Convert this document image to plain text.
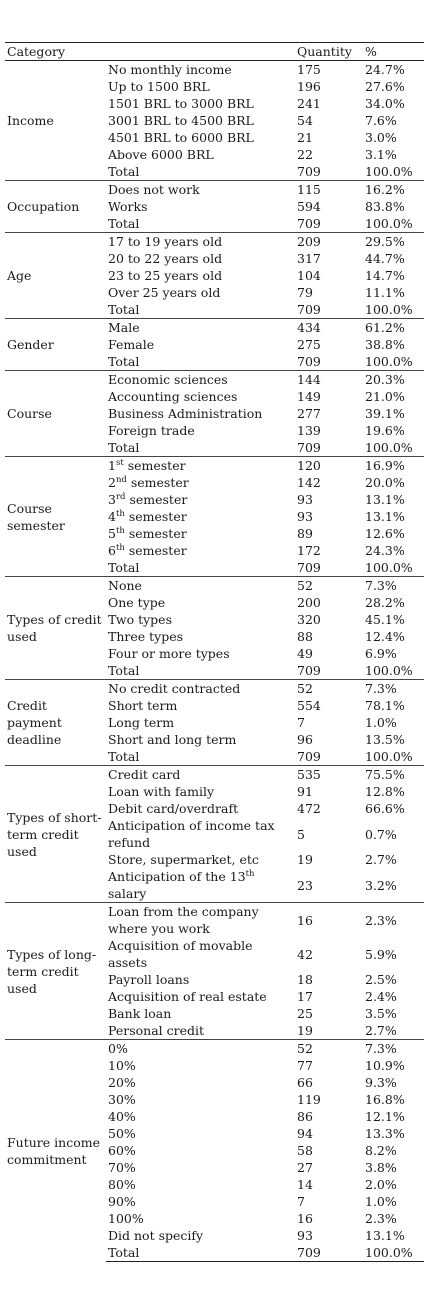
Category		Quantity	%
Income	No monthly income	175	24.7%
	Up to 1500 BRL	196	27.6%
	1501 BRL to 3000 BRL	241	34.0%
	3001 BRL to 4500 BRL	54	7.6%
	4501 BRL to 6000 BRL	21	3.0%
	Above 6000 BRL	22	3.1%
	Total	709	100.0%
Occupation	Does not work	115	16.2%
	Works	594	83.8%
	Total	709	100.0%
Age	17 to 19 years old	209	29.5%
	20 to 22 years old	317	44.7%
	23 to 25 years old	104	14.7%
	Over 25 years old	79	11.1%
	Total	709	100.0%
Gender	Male	434	61.2%
	Female	275	38.8%
	Total	709	100.0%
Course	Economic sciences	144	20.3%
	Accounting sciences	149	21.0%
	Business Administration	277	39.1%
	Foreign trade	139	19.6%
	Total	709	100.0%
Course semester	1st semester	120	16.9%
	2nd semester	142	20.0%
	3rd semester	93	13.1%
	4th semester	93	13.1%
	5th semester	89	12.6%
	6th semester	172	24.3%
	Total	709	100.0%
Types of credit used	None	52	7.3%
	One type	200	28.2%
	Two types	320	45.1%
	Three types	88	12.4%
	Four or more types	49	6.9%
	Total	709	100.0%
Credit payment deadline	No credit contracted	52	7.3%
	Short term	554	78.1%
	Long term	7	1.0%
	Short and long term	96	13.5%
	Total	709	100.0%
Types of short-term credit used	Credit card	535	75.5%
	Loan with family	91	12.8%
	Debit card/overdraft	472	66.6%
	Anticipation of income tax refund	5	0.7%
	Store, supermarket, etc	19	2.7%
	Anticipation of the 13th salary	23	3.2%
Types of long-term credit used	Loan from the company where you work	16	2.3%
	Acquisition of movable assets	42	5.9%
	Payroll loans	18	2.5%
	Acquisition of real estate	17	2.4%
	Bank loan	25	3.5%
	Personal credit	19	2.7%
Future income commitment	0%	52	7.3%
	10%	77	10.9%
	20%	66	9.3%
	30%	119	16.8%
	40%	86	12.1%
	50%	94	13.3%
	60%	58	8.2%
	70%	27	3.8%
	80%	14	2.0%
	90%	7	1.0%
	100%	16	2.3%
	Did not specify	93	13.1%
	Total	709	100.0%
